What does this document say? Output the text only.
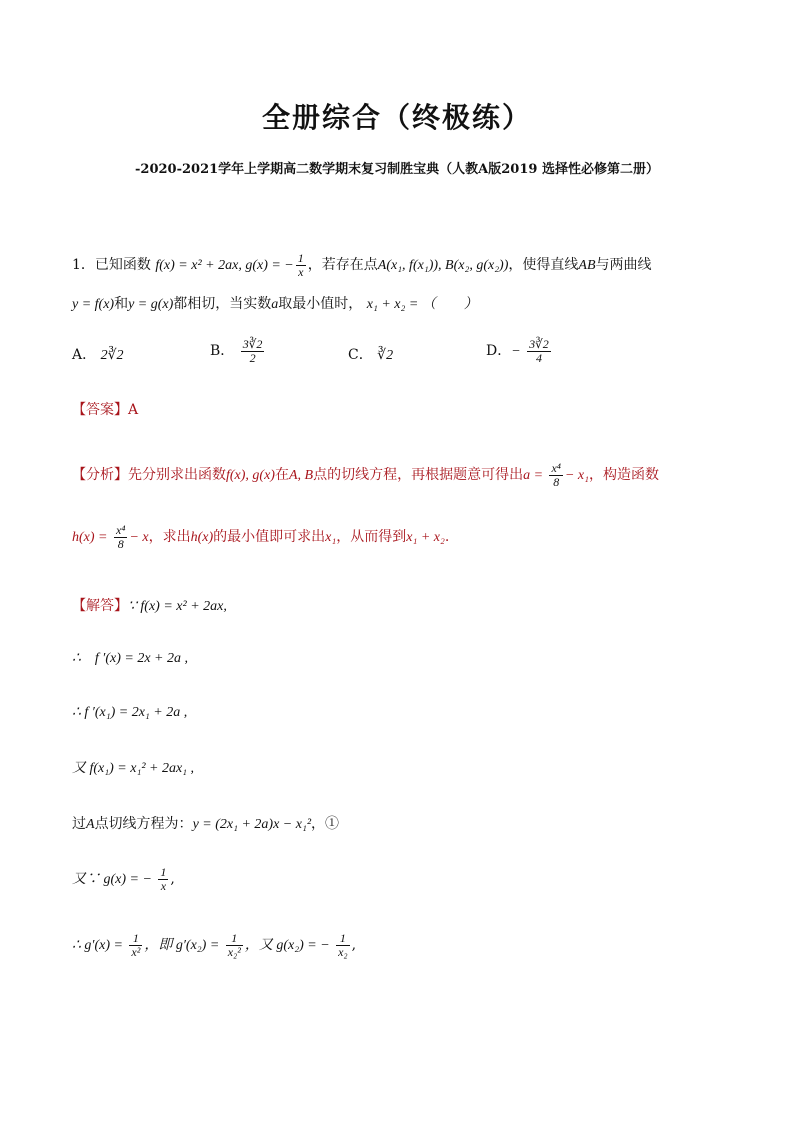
全册综合（终极练）
-2020-2021学年上学期高二数学期末复习制胜宝典（人教A版2019 选择性必修第二册）
1．已知函数 f(x) = x² + 2ax, g(x) = − $\frac{1}{x}$ ，若存在点A(x₁, f(x₁)), B(x₂, g(x₂))，使得直线AB与两曲线
y = f(x)和y = g(x)都相切，当实数a取最小值时， x₁ + x₂ = （　　）
A． 2∛2	B． $\frac{3∛2}{2}$	C． ∛2	D．− $\frac{3∛2}{4}$
【答案】A
【分析】先分别求出函数f(x), g(x)在A, B点的切线方程，再根据题意可得出$a = \frac{\text{x⁴}}{8} - x_1$，构造函数
$h(x) = \frac{\text{x⁴}}{8} - x$，求出h(x)的最小值即可求出x₁，从而得到x₁ + x₂.
【解答】∵ f(x) = x² + 2ax,
∴　f ′(x) = 2x + 2a ,
∴ f ′(x₁) = 2x₁ + 2a ,
又 f(x₁) = x₁² + 2ax₁ ,
过A点切线方程为：y = (2x₁ + 2a)x − x₁²，①
又∵ g(x) = − $\frac{1}{x}$ ,
∴ $g'(x) = \frac{1}{\text{x²}}$ ，即 $g'(x_2) = \frac{1}{\text{x₂²}}$ ，又 g(x₂) = − $\frac{1}{\text{x₂}}$ ,
